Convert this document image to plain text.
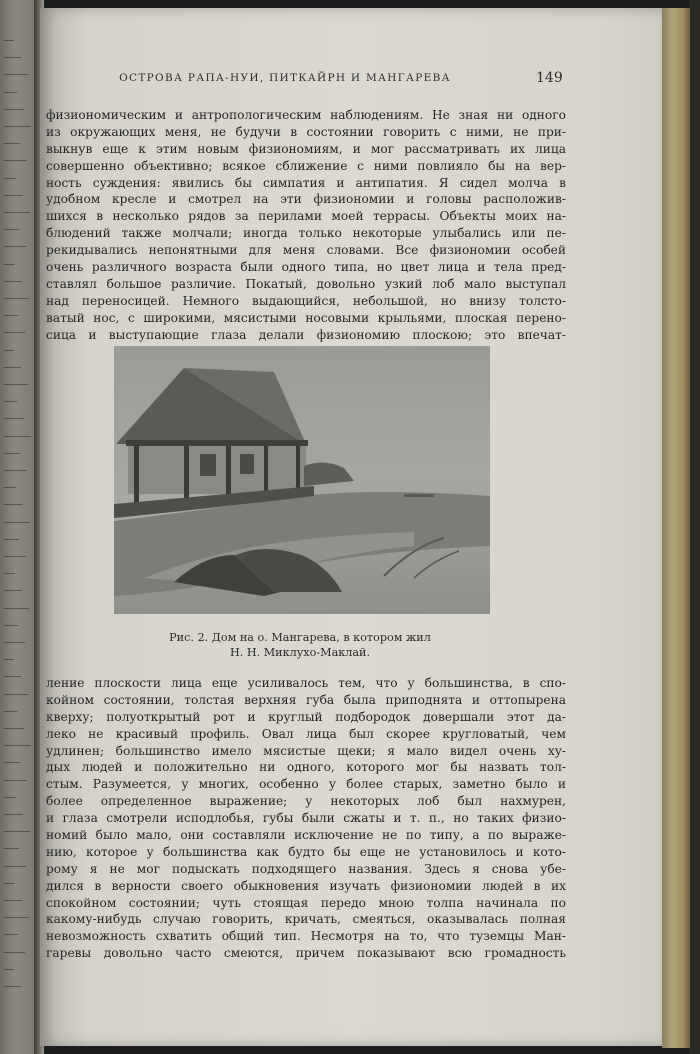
ОСТРОВА РАПА-НУИ, ПИТКАЙРН И МАНГАРЕВА	149
физиономическим и антропологическим наблюдениям. Не зная ни одного
из окружающих меня, не будучи в состоянии говорить с ними, не при-
выкнув еще к этим новым физиономиям, и мог рассматривать их лица
совершенно объективно; всякое сближение с ними повлияло бы на вер-
ность суждения: явились бы симпатия и антипатия. Я сидел молча в
удобном кресле и смотрел на эти физиономии и головы расположив-
шихся в несколько рядов за перилами моей террасы. Объекты моих на-
блюдений также молчали; иногда только некоторые улыбались или пе-
рекидывались непонятными для меня словами. Все физиономии особей
очень различного возраста были одного типа, но цвет лица и тела пред-
ставлял большое различие. Покатый, довольно узкий лоб мало выступал
над переносицей. Немного выдающийся, небольшой, но внизу толсто-
ватый нос, с широкими, мясистыми носовыми крыльями, плоская перено-
сица и выступающие глаза делали физиономию плоскою; это впечат-
Рис. 2. Дом на о. Мангарева, в котором жил
Н. Н. Миклухо-Маклай.
ление плоскости лица еще усиливалось тем, что у большинства, в спо-
койном состоянии, толстая верхняя губа была приподнята и оттопырена
кверху; полуоткрытый рот и круглый подбородок довершали этот да-
леко не красивый профиль. Овал лица был скорее кругловатый, чем
удлинен; большинство имело мясистые щеки; я мало видел очень ху-
дых людей и положительно ни одного, которого мог бы назвать тол-
стым. Разумеется, у многих, особенно у более старых, заметно было и
более определенное выражение; у некоторых лоб был нахмурен,
и глаза смотрели исподлобья, губы были сжаты и т. п., но таких физио-
номий было мало, они составляли исключение не по типу, а по выраже-
нию, которое у большинства как будто бы еще не установилось и кото-
рому я не мог подыскать подходящего названия. Здесь я снова убе-
дился в верности своего обыкновения изучать физиономии людей в их
спокойном состоянии; чуть стоящая передо мною толпа начинала по
какому-нибудь случаю говорить, кричать, смеяться, оказывалась полная
невозможность схватить общий тип. Несмотря на то, что туземцы Ман-
гаревы довольно часто смеются, причем показывают всю громадность
